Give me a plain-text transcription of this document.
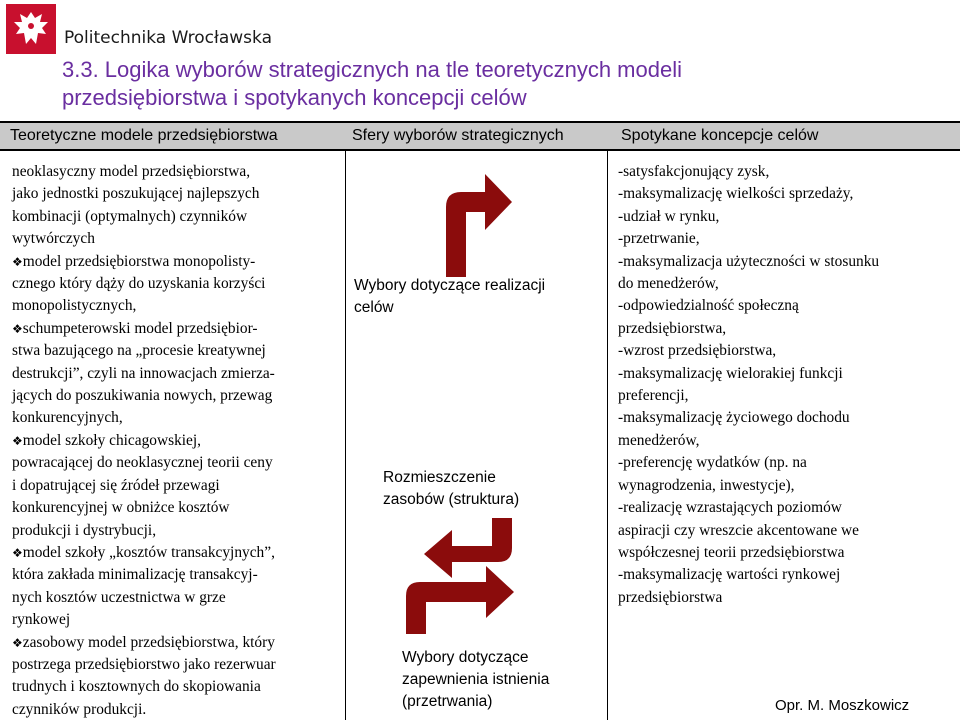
Politechnika Wrocławska
3.3. Logika wyborów strategicznych na tle teoretycznych modeli
przedsiębiorstwa i spotykanych koncepcji celów
Teoretyczne modele przedsiębiorstwa	Sfery wyborów strategicznych	Spotykane koncepcje celów
neoklasyczny model przedsiębiorstwa,
jako jednostki poszukującej najlepszych
kombinacji (optymalnych) czynników
wytwórczych
❖model przedsiębiorstwa monopolisty-
cznego który dąży do uzyskania korzyści
monopolistycznych,
❖schumpeterowski model przedsiębior-
stwa bazującego na „procesie kreatywnej
destrukcji”, czyli na innowacjach zmierza-
jących do poszukiwania nowych, przewag
konkurencyjnych,
❖model szkoły chicagowskiej,
powracającej do neoklasycznej teorii ceny
i dopatrującej się źródeł przewagi
konkurencyjnej w obniżce kosztów
produkcji i dystrybucji,
❖model szkoły „kosztów transakcyjnych”,
która zakłada minimalizację transakcyj-
nych kosztów uczestnictwa w grze
rynkowej
❖zasobowy model przedsiębiorstwa, który
postrzega przedsiębiorstwo jako rezerwuar
trudnych i kosztownych do skopiowania
czynników produkcji.
Wybory dotyczące realizacji
celów
Rozmieszczenie
zasobów (struktura)
Wybory dotyczące
zapewnienia istnienia
(przetrwania)
-satysfakcjonujący zysk,
-maksymalizację wielkości sprzedaży,
-udział w rynku,
-przetrwanie,
-maksymalizacja użyteczności w stosunku
do menedżerów,
-odpowiedzialność społeczną
przedsiębiorstwa,
-wzrost przedsiębiorstwa,
-maksymalizację wielorakiej funkcji
preferencji,
-maksymalizację życiowego dochodu
menedżerów,
-preferencję wydatków (np. na
wynagrodzenia, inwestycje),
-realizację wzrastających poziomów
aspiracji czy wreszcie akcentowane we
współczesnej teorii przedsiębiorstwa
-maksymalizację wartości rynkowej
przedsiębiorstwa
Opr. M. Moszkowicz
